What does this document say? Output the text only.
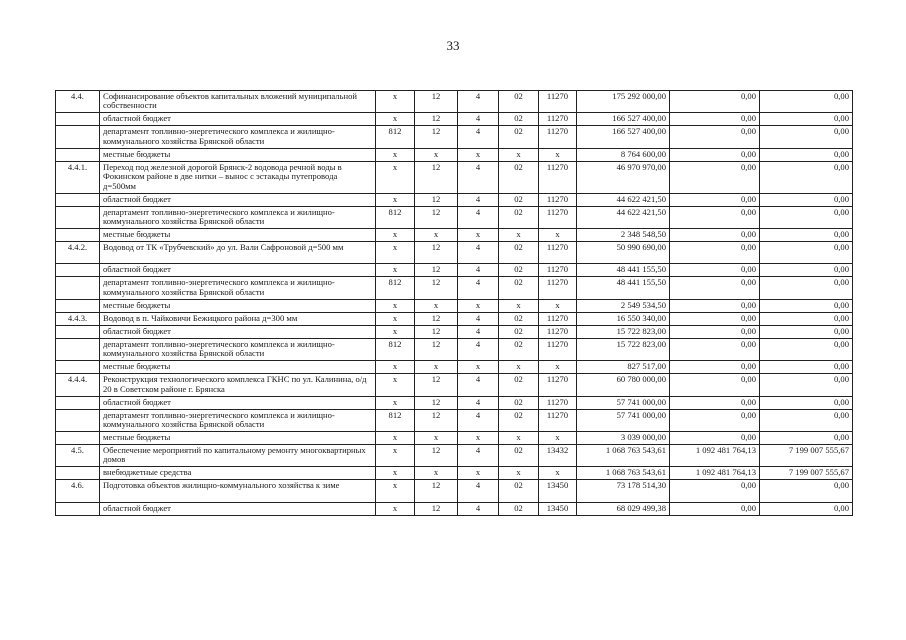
33
4.4.	Софинансирование объектов капитальных вложений муниципальной собственности	х	12	4	02	11270	175 292 000,00	0,00	0,00
	областной бюджет	х	12	4	02	11270	166 527 400,00	0,00	0,00
	департамент топливно-энергетического комплекса и жилищно-коммунального хозяйства Брянской области	812	12	4	02	11270	166 527 400,00	0,00	0,00
	местные бюджеты	х	х	х	х	х	8 764 600,00	0,00	0,00
4.4.1.	Переход под железной дорогой Брянск-2 водовода речной воды в Фокинском районе в две нитки – вынос с эстакады путепровода д=500мм	х	12	4	02	11270	46 970 970,00	0,00	0,00
	областной бюджет	х	12	4	02	11270	44 622 421,50	0,00	0,00
	департамент топливно-энергетического комплекса и жилищно-коммунального хозяйства Брянской области	812	12	4	02	11270	44 622 421,50	0,00	0,00
	местные бюджеты	х	х	х	х	х	2 348 548,50	0,00	0,00
4.4.2.	Водовод от ТК «Трубчевский» до ул. Вали Сафроновой д=500 мм	х	12	4	02	11270	50 990 690,00	0,00	0,00
	областной бюджет	х	12	4	02	11270	48 441 155,50	0,00	0,00
	департамент топливно-энергетического комплекса и жилищно-коммунального хозяйства Брянской области	812	12	4	02	11270	48 441 155,50	0,00	0,00
	местные бюджеты	х	х	х	х	х	2 549 534,50	0,00	0,00
4.4.3.	Водовод в п. Чайковичи Бежицкого района д=300 мм	х	12	4	02	11270	16 550 340,00	0,00	0,00
	областной бюджет	х	12	4	02	11270	15 722 823,00	0,00	0,00
	департамент топливно-энергетического комплекса и жилищно-коммунального хозяйства Брянской области	812	12	4	02	11270	15 722 823,00	0,00	0,00
	местные бюджеты	х	х	х	х	х	827 517,00	0,00	0,00
4.4.4.	Реконструкция технологического комплекса ГКНС по ул. Калинина, о/д 20 в Советском районе г. Брянска	х	12	4	02	11270	60 780 000,00	0,00	0,00
	областной бюджет	х	12	4	02	11270	57 741 000,00	0,00	0,00
	департамент топливно-энергетического комплекса и жилищно-коммунального хозяйства Брянской области	812	12	4	02	11270	57 741 000,00	0,00	0,00
	местные бюджеты	х	х	х	х	х	3 039 000,00	0,00	0,00
4.5.	Обеспечение мероприятий по капитальному ремонту многоквартирных домов	х	12	4	02	13432	1 068 763 543,61	1 092 481 764,13	7 199 007 555,67
	внебюджетные средства	х	х	х	х	х	1 068 763 543,61	1 092 481 764,13	7 199 007 555,67
4.6.	Подготовка объектов жилищно-коммунального хозяйства к зиме	х	12	4	02	13450	73 178 514,30	0,00	0,00
	областной бюджет	х	12	4	02	13450	68 029 499,38	0,00	0,00
